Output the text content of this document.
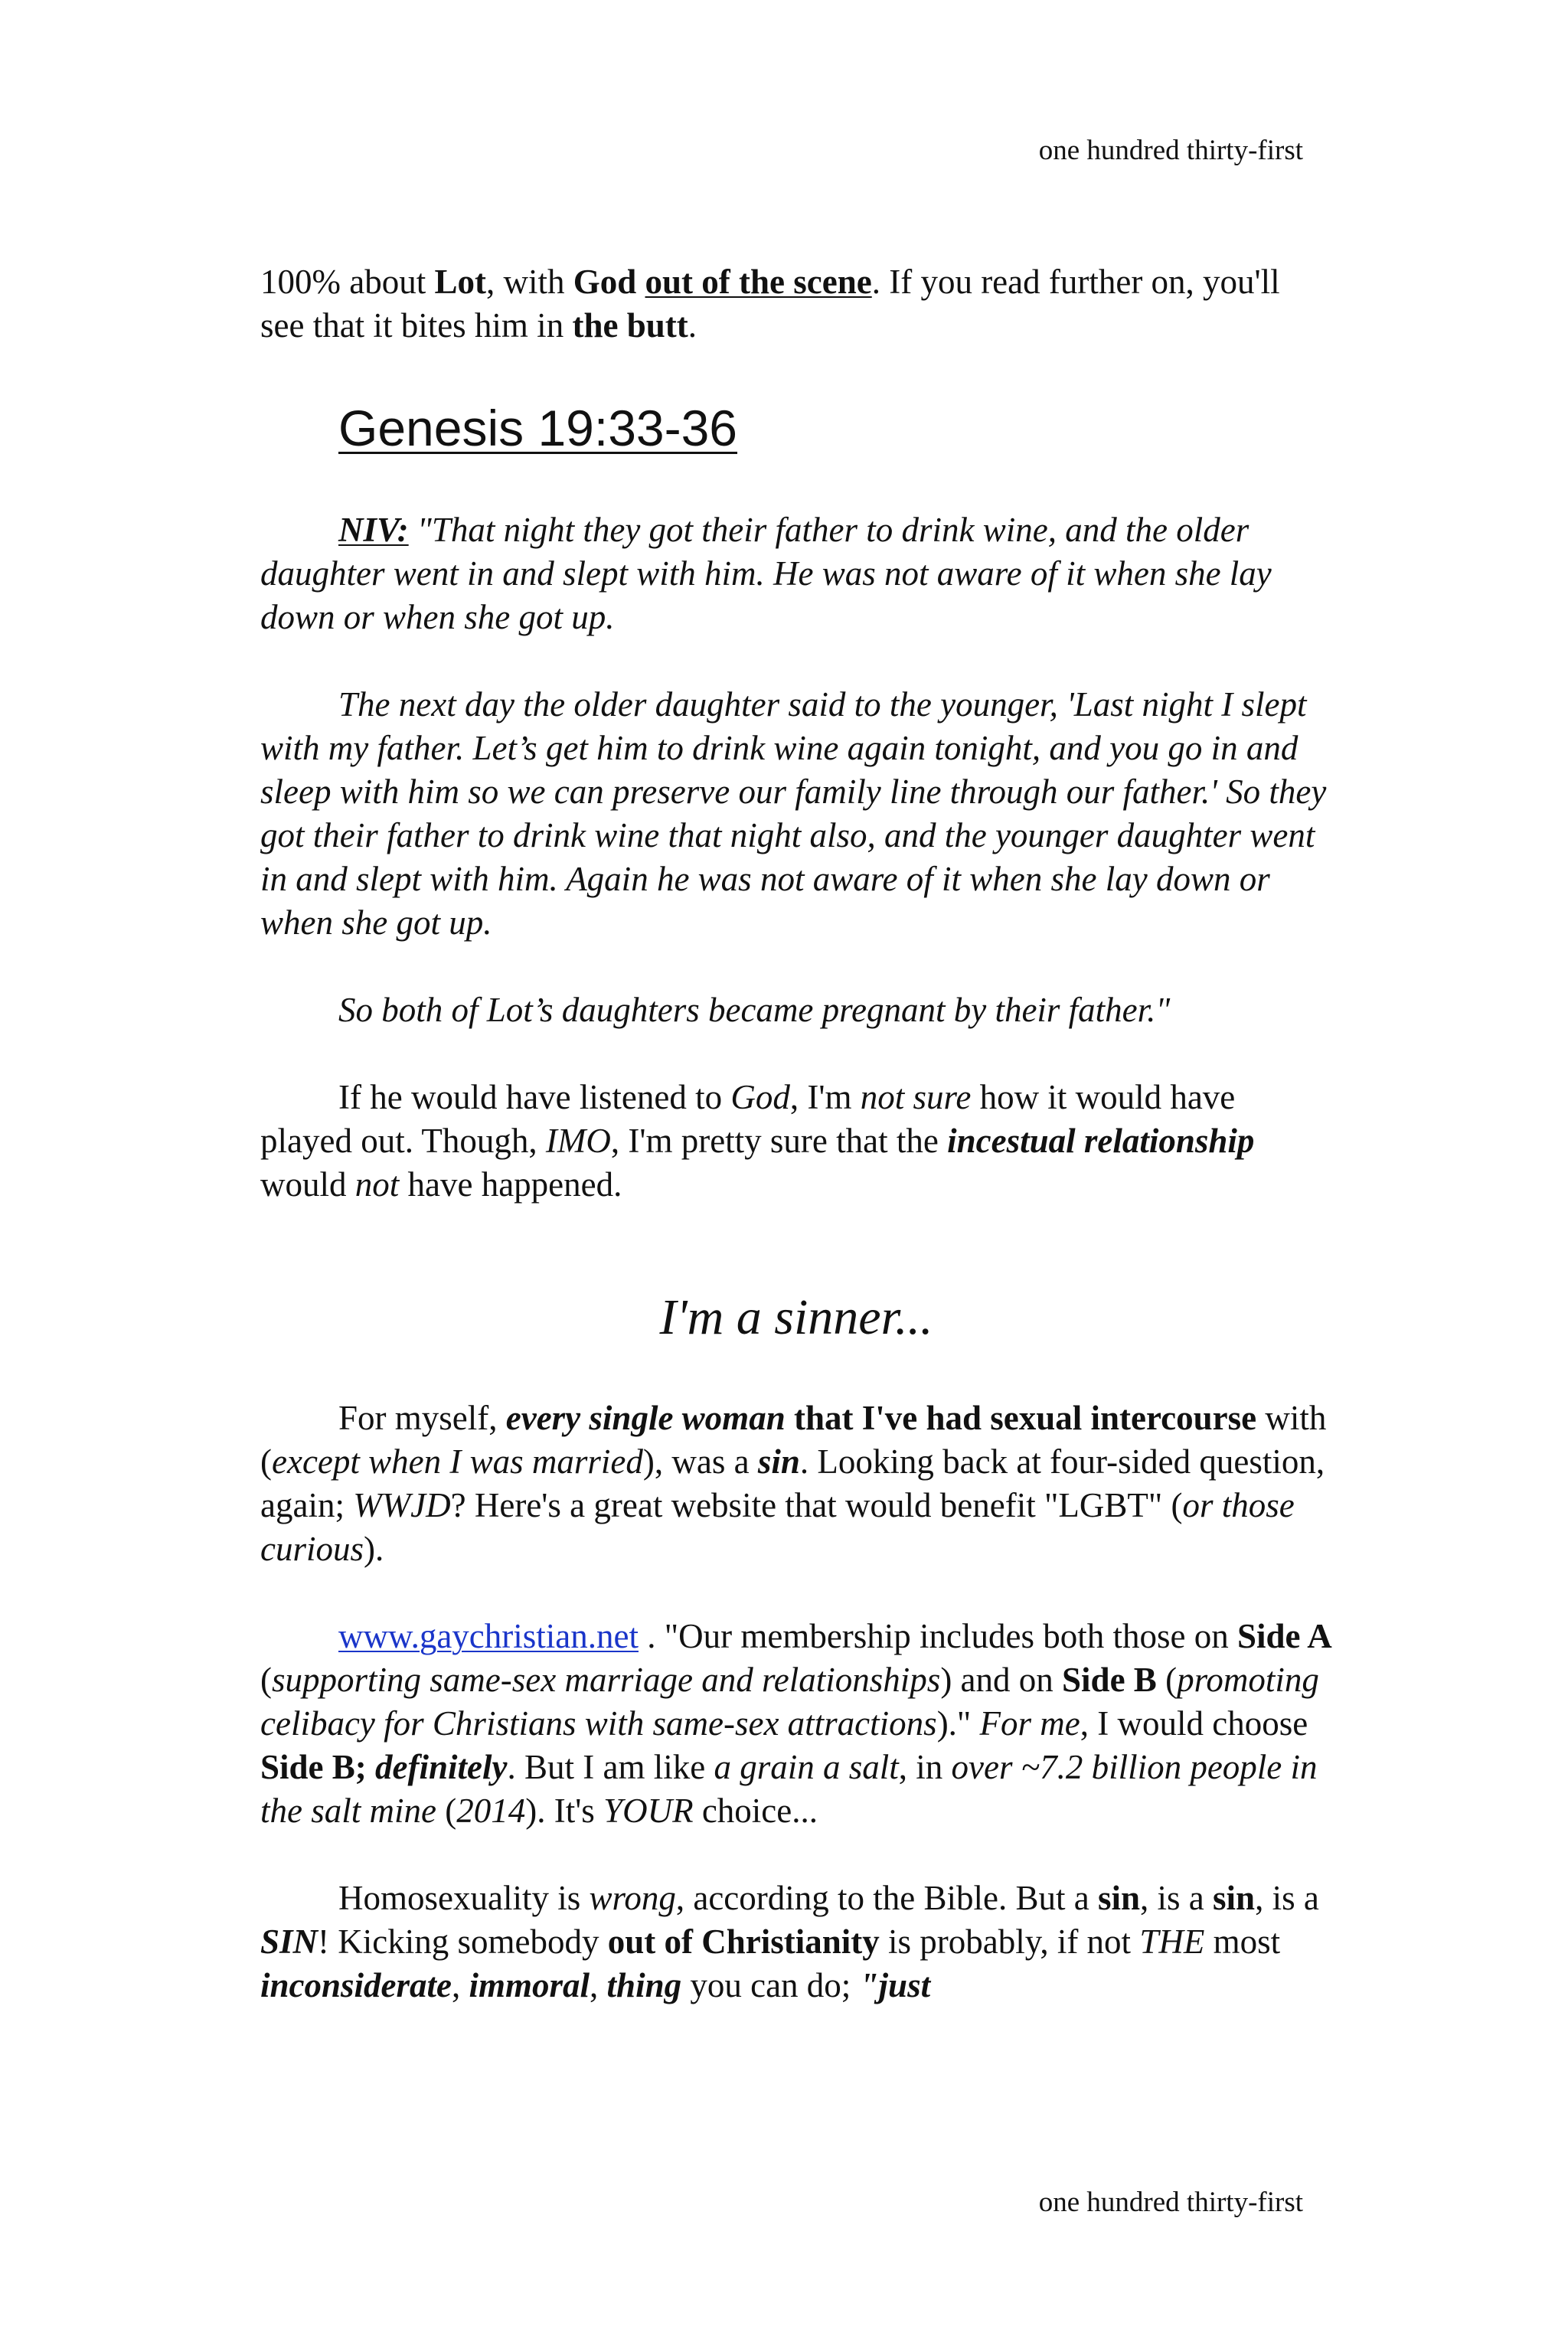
one hundred thirty-first

100% about Lot, with God out of the scene. If you read further on, you'll see that it bites him in the butt.

Genesis 19:33-36

NIV: "That night they got their father to drink wine, and the older daughter went in and slept with him. He was not aware of it when she lay down or when she got up.

The next day the older daughter said to the younger, 'Last night I slept with my father. Let’s get him to drink wine again tonight, and you go in and sleep with him so we can preserve our family line through our father.' So they got their father to drink wine that night also, and the younger daughter went in and slept with him. Again he was not aware of it when she lay down or when she got up.

So both of Lot’s daughters became pregnant by their father."

If he would have listened to God, I'm not sure how it would have played out. Though, IMO, I'm pretty sure that the incestual relationship would not have happened.

I'm a sinner...

For myself, every single woman that I've had sexual intercourse with (except when I was married), was a sin. Looking back at four-sided question, again; WWJD? Here's a great website that would benefit "LGBT" (or those curious).

www.gaychristian.net . "Our membership includes both those on Side A (supporting same-sex marriage and relationships) and on Side B (promoting celibacy for Christians with same-sex attractions)." For me, I would choose Side B; definitely. But I am like a grain a salt, in over ~7.2 billion people in the salt mine (2014). It's YOUR choice...

Homosexuality is wrong, according to the Bible. But a sin, is a sin, is a SIN! Kicking somebody out of Christianity is probably, if not THE most inconsiderate, immoral, thing you can do; "just

one hundred thirty-first
